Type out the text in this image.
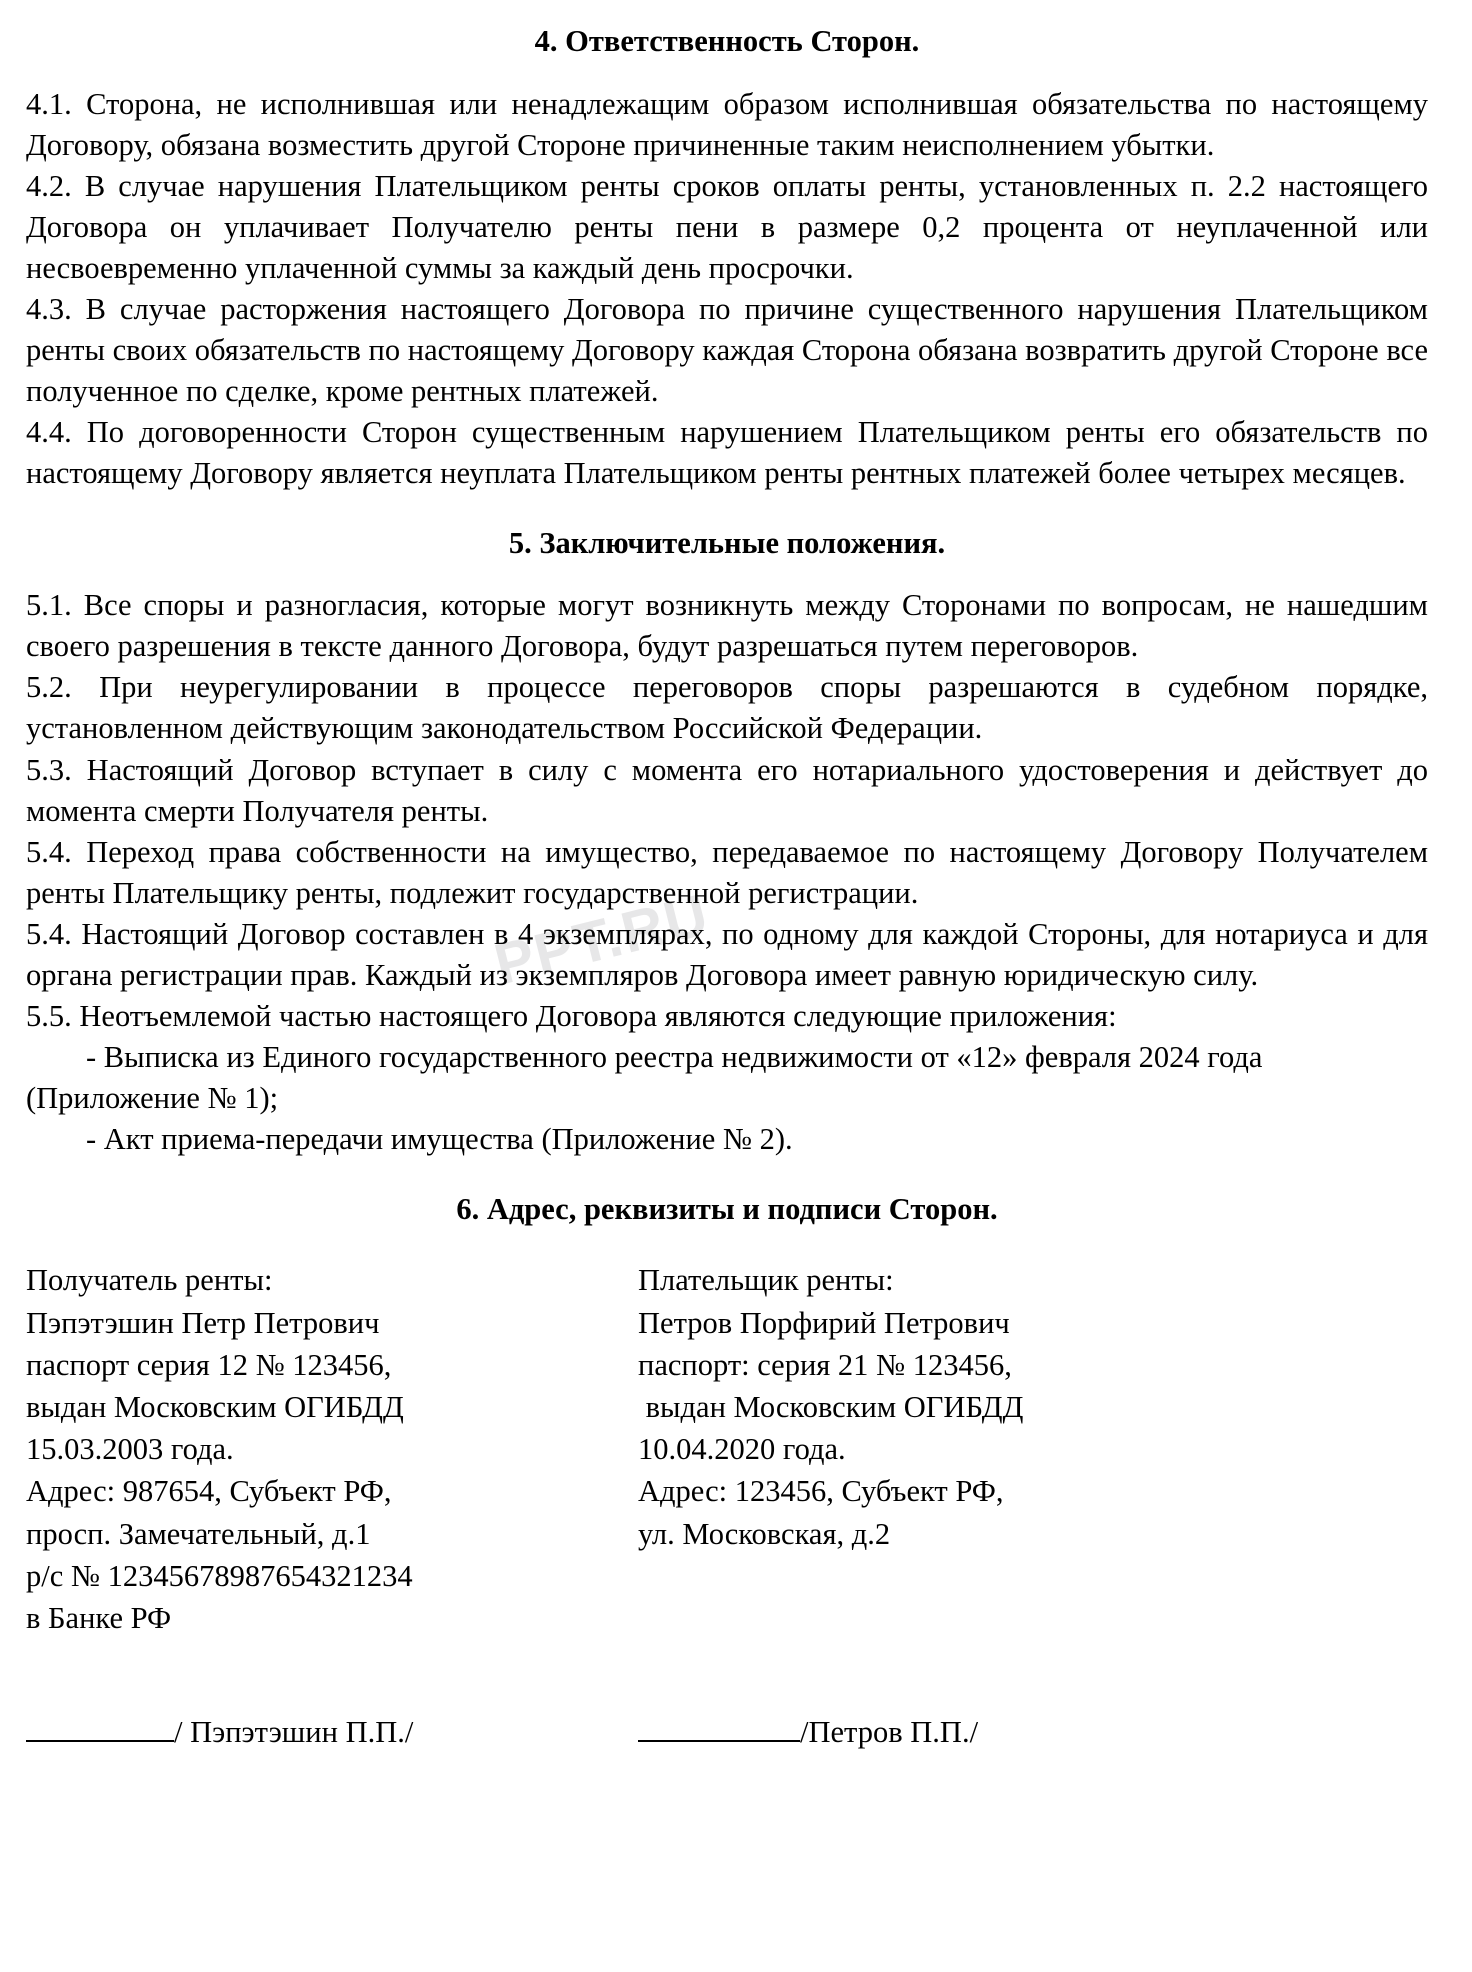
PPT.RU
4. Ответственность Сторон.

4.1. Сторона, не исполнившая или ненадлежащим образом исполнившая обязательства по настоящему Договору, обязана возместить другой Стороне причиненные таким неисполнением убытки.

4.2. В случае нарушения Плательщиком ренты сроков оплаты ренты, установленных п. 2.2 настоящего Договора он уплачивает Получателю ренты пени в размере 0,2 процента от неуплаченной или несвоевременно уплаченной суммы за каждый день просрочки.

4.3. В случае расторжения настоящего Договора по причине существенного нарушения Плательщиком ренты своих обязательств по настоящему Договору каждая Сторона обязана возвратить другой Стороне все полученное по сделке, кроме рентных платежей.

4.4. По договоренности Сторон существенным нарушением Плательщиком ренты его обязательств по настоящему Договору является неуплата Плательщиком ренты рентных платежей более четырех месяцев.

5. Заключительные положения.

5.1. Все споры и разногласия, которые могут возникнуть между Сторонами по вопросам, не нашедшим своего разрешения в тексте данного Договора, будут разрешаться путем переговоров.

5.2. При неурегулировании в процессе переговоров споры разрешаются в судебном порядке, установленном действующим законодательством Российской Федерации.

5.3. Настоящий Договор вступает в силу с момента его нотариального удостоверения и действует до момента смерти Получателя ренты.

5.4. Переход права собственности на имущество, передаваемое по настоящему Договору Получателем ренты Плательщику ренты, подлежит государственной регистрации.

5.4. Настоящий Договор составлен в 4 экземплярах, по одному для каждой Стороны, для нотариуса и для органа регистрации прав. Каждый из экземпляров Договора имеет равную юридическую силу.

5.5. Неотъемлемой частью настоящего Договора являются следующие приложения:

- Выписка из Единого государственного реестра недвижимости от «12» февраля 2024 года (Приложение № 1);

- Акт приема-передачи имущества (Приложение № 2).

6. Адрес, реквизиты и подписи Сторон.
Получатель ренты:
Пэпэтэшин Петр Петрович
паспорт серия 12 № 123456,
выдан Московским ОГИБДД
15.03.2003 года.
Адрес: 987654, Субъект РФ,
просп. Замечательный, д.1
р/с № 12345678987654321234
в Банке РФ
Плательщик ренты:
Петров Порфирий Петрович
паспорт: серия 21 № 123456,
выдан Московским ОГИБДД
10.04.2020 года.
Адрес: 123456, Субъект РФ,
ул. Московская, д.2
/ Пэпэтэшин П.П./	/Петров П.П./
